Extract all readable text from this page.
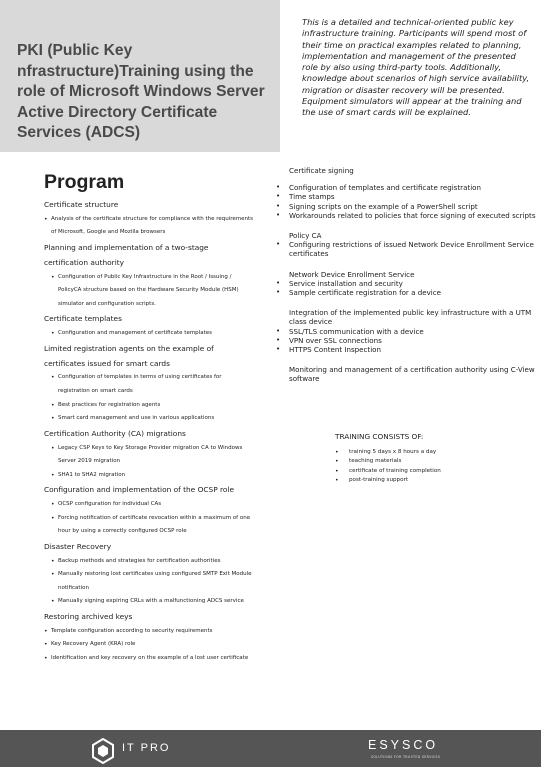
PKI (Public Key nfrastructure)Training using the role of Microsoft Windows Server Active Directory Certificate Services (ADCS)
This is a detailed and technical-oriented public key infrastructure training. Participants will spend most of their time on practical examples related to planning, implementation and management of the presented role by also using third-party tools. Additionally, knowledge about scenarios of high service availability, migration or disaster recovery will be presented. Equipment simulators will appear at the training and the use of smart cards will be explained.
Program
Certificate structure
• Analysis of the certificate structure for compliance with the requirements of Microsoft, Google and Mozilla browsers
Planning and implementation of a two-stage certification authority
• Configuration of Public Key Infrastructure in the Root / Issuing / PolicyCA structure based on the Hardware Security Module (HSM) simulator and configuration scripts.
Certificate templates
• Configuration and management of certificate templates
Limited registration agents on the example of certificates issued for smart cards
• Configuration of templates in terms of using certificates for registration on smart cards
• Best practices for registration agents
• Smart card management and use in various applications
Certification Authority (CA) migrations
• Legacy CSP Keys to Key Storage Provider migration CA to Windows Server 2019 migration
• SHA1 to SHA2 migration
Configuration and implementation of the OCSP role
• OCSP configuration for individual CAs
• Forcing notification of certificate revocation within a maximum of one hour by using a correctly configured OCSP role
Disaster Recovery
• Backup methods and strategies for certification authorities
• Manually restoring lost certificates using configured SMTP Exit Module notification
• Manually signing expiring CRLs with a malfunctioning ADCS service
Restoring archived keys
• Template configuration according to security requirements
• Key Recovery Agent (KRA) role
• Identification and key recovery on the example of a lost user certificate
Certificate signing
• Configuration of templates and certificate registration
• Time stamps
• Signing scripts on the example of a PowerShell script
• Workarounds related to policies that force signing of executed scripts
Policy CA
• Configuring restrictions of issued Network Device Enrollment Service certificates
Network Device Enrollment Service
• Service installation and security
• Sample certificate registration for a device
Integration of the implemented public key infrastructure with a UTM class device
• SSL/TLS communication with a device
• VPN over SSL connections
• HTTPS Content Inspection
Monitoring and management of a certification authority using C-View software
TRAINING CONSISTS OF:
• training 5 days x 8 hours a day
• teaching materials
• certificate of training completion
• post-training support
IT PRO	ESYSCO
SOLUTIONS FOR TRUSTED SERVICES
